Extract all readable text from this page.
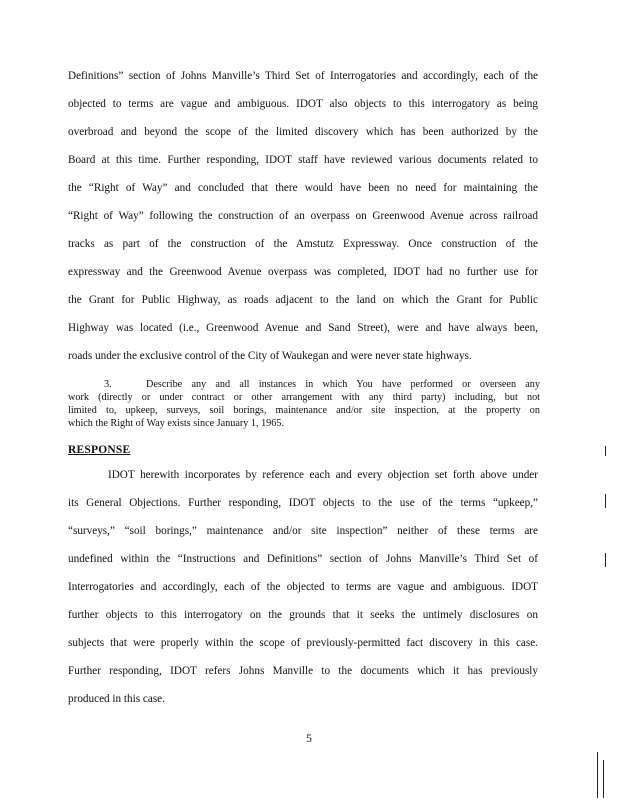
Definitions” section of Johns Manville’s Third Set of Interrogatories and accordingly, each of the
objected to terms are vague and ambiguous. IDOT also objects to this interrogatory as being
overbroad and beyond the scope of the limited discovery which has been authorized by the
Board at this time. Further responding, IDOT staff have reviewed various documents related to
the “Right of Way” and concluded that there would have been no need for maintaining the
“Right of Way” following the construction of an overpass on Greenwood Avenue across railroad
tracks as part of the construction of the Amstutz Expressway. Once construction of the
expressway and the Greenwood Avenue overpass was completed, IDOT had no further use for
the Grant for Public Highway, as roads adjacent to the land on which the Grant for Public
Highway was located (i.e., Greenwood Avenue and Sand Street), were and have always been,
roads under the exclusive control of the City of Waukegan and were never state highways.
3.	Describe any and all instances in which You have performed or overseen any
work (directly or under contract or other arrangement with any third party) including, but not
limited to, upkeep, surveys, soil borings, maintenance and/or site inspection, at the property on
which the Right of Way exists since January 1, 1965.
RESPONSE
IDOT herewith incorporates by reference each and every objection set forth above under
its General Objections. Further responding, IDOT objects to the use of the terms “upkeep,”
“surveys,” “soil borings,” maintenance and/or site inspection” neither of these terms are
undefined within the “Instructions and Definitions” section of Johns Manville’s Third Set of
Interrogatories and accordingly, each of the objected to terms are vague and ambiguous. IDOT
further objects to this interrogatory on the grounds that it seeks the untimely disclosures on
subjects that were properly within the scope of previously-permitted fact discovery in this case.
Further responding, IDOT refers Johns Manville to the documents which it has previously
produced in this case.
5
